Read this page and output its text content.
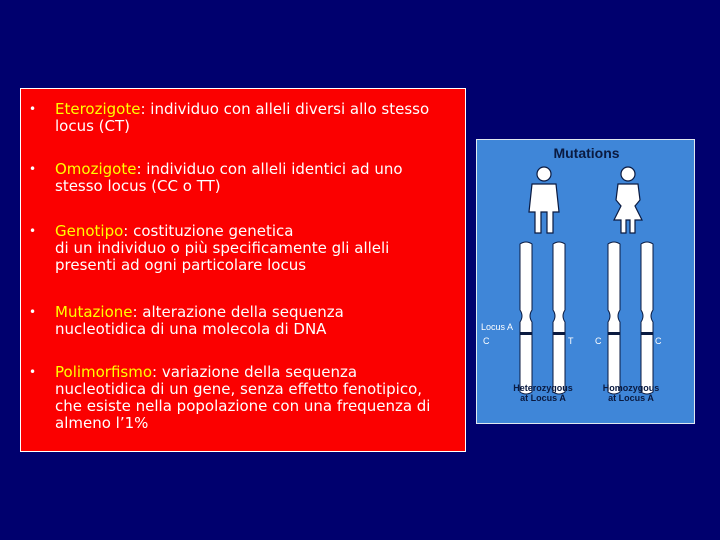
• Eterozigote: individuo con alleli diversi allo stesso
locus (CT)
• Omozigote: individuo con alleli identici ad uno
stesso locus (CC o TT)
• Genotipo: costituzione genetica
di un individuo o più specificamente gli alleli
presenti ad ogni particolare locus
• Mutazione: alterazione della sequenza
nucleotidica di una molecola di DNA
• Polimorfismo: variazione della sequenza
nucleotidica di un gene, senza effetto fenotipico,
che esiste nella popolazione con una frequenza di
almeno l’1%
Mutations
Locus A
C	T C	C
Heterozygous
at Locus A
Homozygous
at Locus A
